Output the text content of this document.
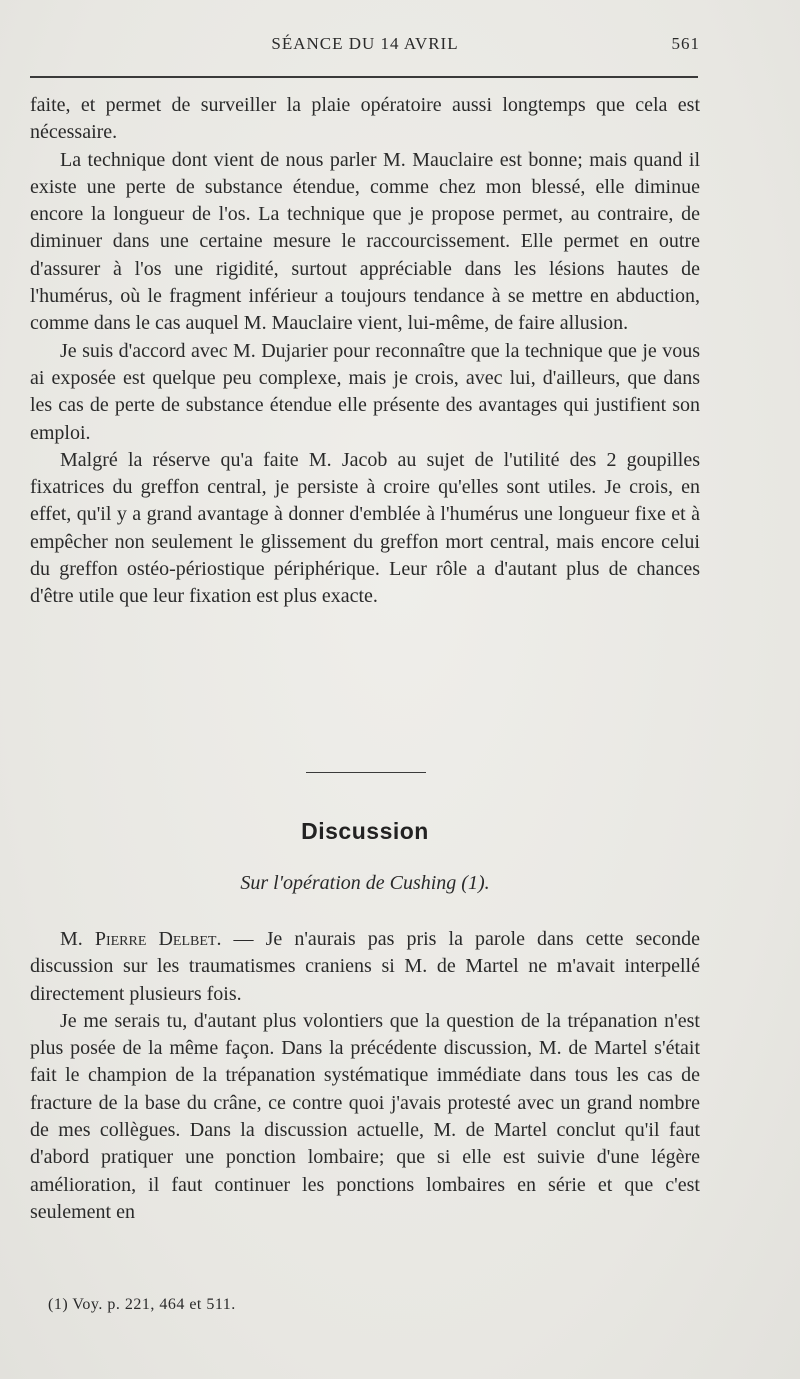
SÉANCE DU 14 AVRIL	561

faite, et permet de surveiller la plaie opératoire aussi longtemps que cela est nécessaire.

La technique dont vient de nous parler M. Mauclaire est bonne; mais quand il existe une perte de substance étendue, comme chez mon blessé, elle diminue encore la longueur de l'os. La technique que je propose permet, au contraire, de diminuer dans une certaine mesure le raccourcissement. Elle permet en outre d'assurer à l'os une rigidité, surtout appréciable dans les lésions hautes de l'humérus, où le fragment inférieur a toujours tendance à se mettre en abduction, comme dans le cas auquel M. Mauclaire vient, lui-même, de faire allusion.

Je suis d'accord avec M. Dujarier pour reconnaître que la technique que je vous ai exposée est quelque peu complexe, mais je crois, avec lui, d'ailleurs, que dans les cas de perte de substance étendue elle présente des avantages qui justifient son emploi.

Malgré la réserve qu'a faite M. Jacob au sujet de l'utilité des 2 goupilles fixatrices du greffon central, je persiste à croire qu'elles sont utiles. Je crois, en effet, qu'il y a grand avantage à donner d'emblée à l'humérus une longueur fixe et à empêcher non seulement le glissement du greffon mort central, mais encore celui du greffon ostéo-périostique périphérique. Leur rôle a d'autant plus de chances d'être utile que leur fixation est plus exacte.

Discussion
Sur l'opération de Cushing (1).

M. Pierre Delbet. — Je n'aurais pas pris la parole dans cette seconde discussion sur les traumatismes craniens si M. de Martel ne m'avait interpellé directement plusieurs fois.

Je me serais tu, d'autant plus volontiers que la question de la trépanation n'est plus posée de la même façon. Dans la précédente discussion, M. de Martel s'était fait le champion de la trépanation systématique immédiate dans tous les cas de fracture de la base du crâne, ce contre quoi j'avais protesté avec un grand nombre de mes collègues. Dans la discussion actuelle, M. de Martel conclut qu'il faut d'abord pratiquer une ponction lombaire; que si elle est suivie d'une légère amélioration, il faut continuer les ponctions lombaires en série et que c'est seulement en

(1) Voy. p. 221, 464 et 511.
